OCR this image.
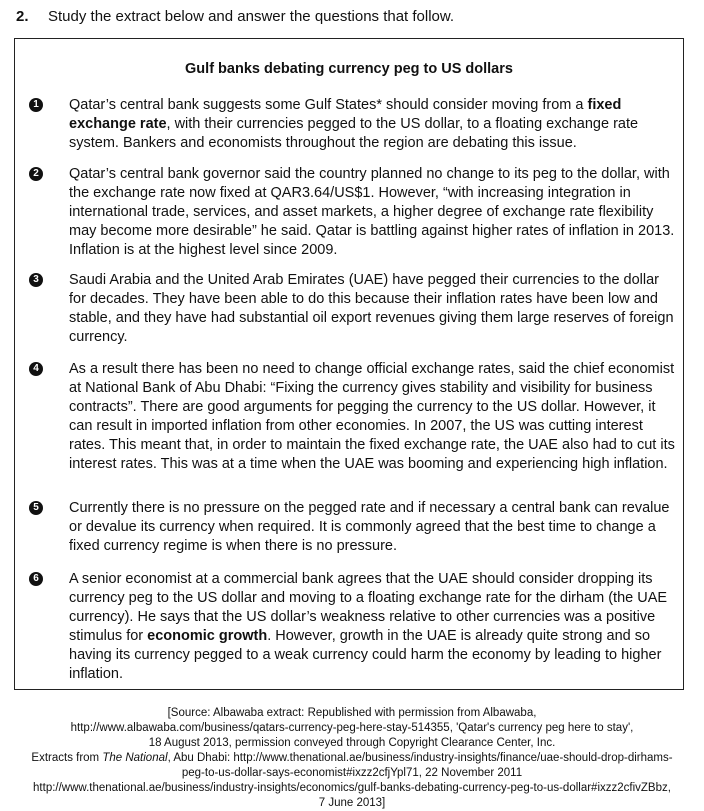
2. Study the extract below and answer the questions that follow.
Gulf banks debating currency peg to US dollars
1 Qatar’s central bank suggests some Gulf States* should consider moving from a fixed exchange rate, with their currencies pegged to the US dollar, to a floating exchange rate system. Bankers and economists throughout the region are debating this issue.
2 Qatar’s central bank governor said the country planned no change to its peg to the dollar, with the exchange rate now fixed at QAR3.64/US$1. However, “with increasing integration in international trade, services, and asset markets, a higher degree of exchange rate flexibility may become more desirable” he said. Qatar is battling against higher rates of inflation in 2013. Inflation is at the highest level since 2009.
3 Saudi Arabia and the United Arab Emirates (UAE) have pegged their currencies to the dollar for decades. They have been able to do this because their inflation rates have been low and stable, and they have had substantial oil export revenues giving them large reserves of foreign currency.
4 As a result there has been no need to change official exchange rates, said the chief economist at National Bank of Abu Dhabi: “Fixing the currency gives stability and visibility for business contracts”. There are good arguments for pegging the currency to the US dollar. However, it can result in imported inflation from other economies. In 2007, the US was cutting interest rates. This meant that, in order to maintain the fixed exchange rate, the UAE also had to cut its interest rates. This was at a time when the UAE was booming and experiencing high inflation.
5 Currently there is no pressure on the pegged rate and if necessary a central bank can revalue or devalue its currency when required. It is commonly agreed that the best time to change a fixed currency regime is when there is no pressure.
6 A senior economist at a commercial bank agrees that the UAE should consider dropping its currency peg to the US dollar and moving to a floating exchange rate for the dirham (the UAE currency). He says that the US dollar’s weakness relative to other currencies was a positive stimulus for economic growth. However, growth in the UAE is already quite strong and so having its currency pegged to a weak currency could harm the economy by leading to higher inflation.
[Source: Albawaba extract: Republished with permission from Albawaba,
http://www.albawaba.com/business/qatars-currency-peg-here-stay-514355, 'Qatar's currency peg here to stay',
18 August 2013, permission conveyed through Copyright Clearance Center, Inc.
Extracts from The National, Abu Dhabi: http://www.thenational.ae/business/industry-insights/finance/uae-should-drop-dirhams-
peg-to-us-dollar-says-economist#ixzz2cfjYpl71, 22 November 2011
http://www.thenational.ae/business/industry-insights/economics/gulf-banks-debating-currency-peg-to-us-dollar#ixzz2cfivZBbz,
7 June 2013]
